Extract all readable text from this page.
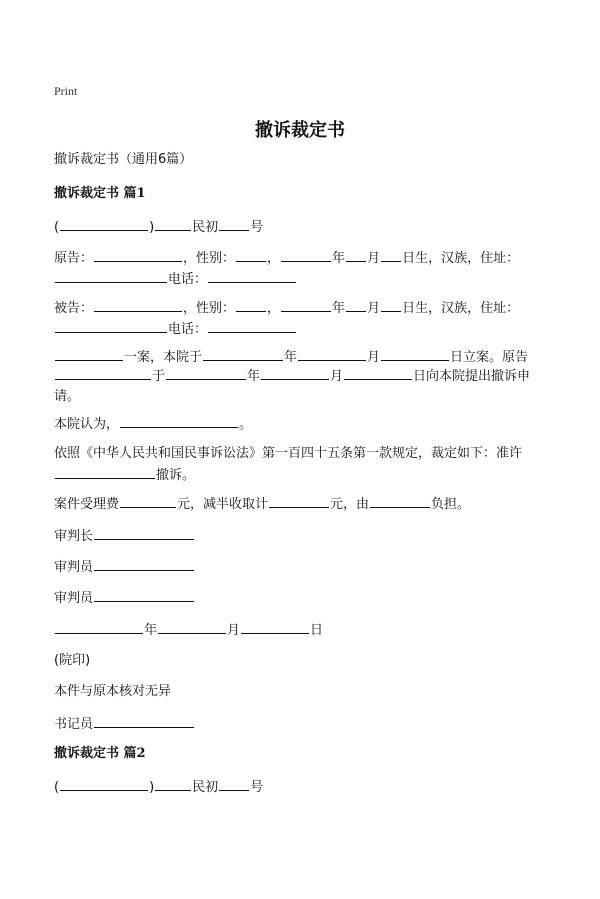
Print
撤诉裁定书
撤诉裁定书（通用6篇）
撤诉裁定书 篇1
(	)	民初 号
原告：	，性别： ，	年 月 日生，汉族，住址：
电话：
被告：	，性别： ，	年 月 日生，汉族，住址：
电话：
一案，本院于	年	月	日立案。原告
于	年	月	日向本院提出撤诉申请。
本院认为，	。
依照《中华人民共和国民事诉讼法》第一百四十五条第一款规定，裁定如下：准许撤诉。
案件受理费	元，减半收取计	元，由	负担。
审判长
审判员
审判员
年	月	日
(院印)
本件与原本核对无异
书记员
撤诉裁定书 篇2
(	)	民初 号
